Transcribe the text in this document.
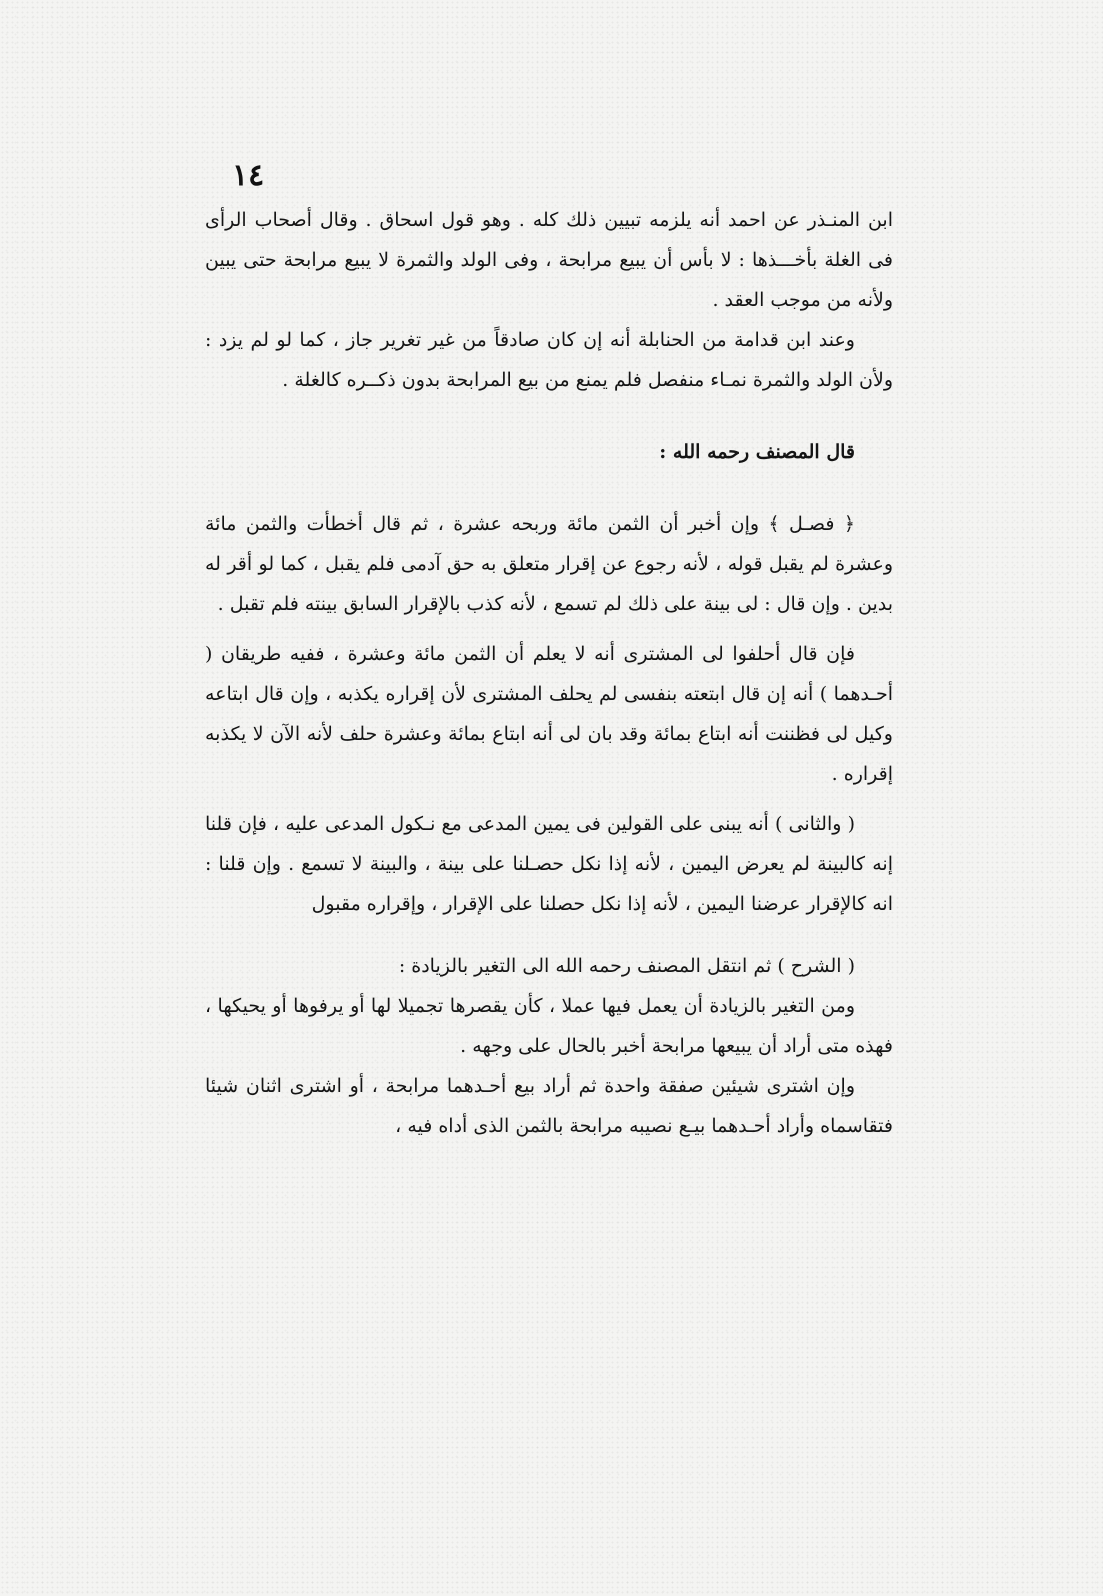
١٤

ابن المنـذر عن احمد أنه يلزمه تبيين ذلك كله . وهو قول اسحاق . وقال أصحاب الرأى فى الغلة بأخـــذها : لا بأس أن يبيع مرابحة ، وفى الولد والثمرة لا يبيع مرابحة حتى يبين ولأنه من موجب العقد .

وعند ابن قدامة من الحنابلة أنه إن كان صادقاً من غير تغرير جاز ، كما لو لم يزد : ولأن الولد والثمرة نمـاء منفصل فلم يمنع من بيع المرابحة بدون ذكــره كالغلة .

قال المصنف رحمه الله :

﴿ فصـل ﴾ وإن أخبر أن الثمن مائة وربحه عشرة ، ثم قال أخطأت والثمن مائة وعشرة لم يقبل قوله ، لأنه رجوع عن إقرار متعلق به حق آدمى فلم يقبل ، كما لو أقر له بدين . وإن قال : لى بينة على ذلك لم تسمع ، لأنه كذب بالإقرار السابق بينته فلم تقبل .

فإن قال أحلفوا لى المشترى أنه لا يعلم أن الثمن مائة وعشرة ، ففيه طريقان ( أحـدهما ) أنه إن قال ابتعته بنفسى لم يحلف المشترى لأن إقراره يكذبه ، وإن قال ابتاعه وكيل لى فظننت أنه ابتاع بمائة وقد بان لى أنه ابتاع بمائة وعشرة حلف لأنه الآن لا يكذبه إقراره .

( والثانى ) أنه يبنى على القولين فى يمين المدعى مع نـكول المدعى عليه ، فإن قلنا إنه كالبينة لم يعرض اليمين ، لأنه إذا نكل حصـلنا على بينة ، والبينة لا تسمع . وإن قلنا : انه كالإقرار عرضنا اليمين ، لأنه إذا نكل حصلنا على الإقرار ، وإقراره مقبول

( الشرح ) ثم انتقل المصنف رحمه الله الى التغير بالزيادة :

ومن التغير بالزيادة أن يعمل فيها عملا ، كأن يقصرها تجميلا لها أو يرفوها أو يحيكها ، فهذه متى أراد أن يبيعها مرابحة أخبر بالحال على وجهه .

وإن اشترى شيئين صفقة واحدة ثم أراد بيع أحـدهما مرابحة ، أو اشترى اثنان شيئا فتقاسماه وأراد أحـدهما بيـع نصيبه مرابحة بالثمن الذى أداه فيه ،
